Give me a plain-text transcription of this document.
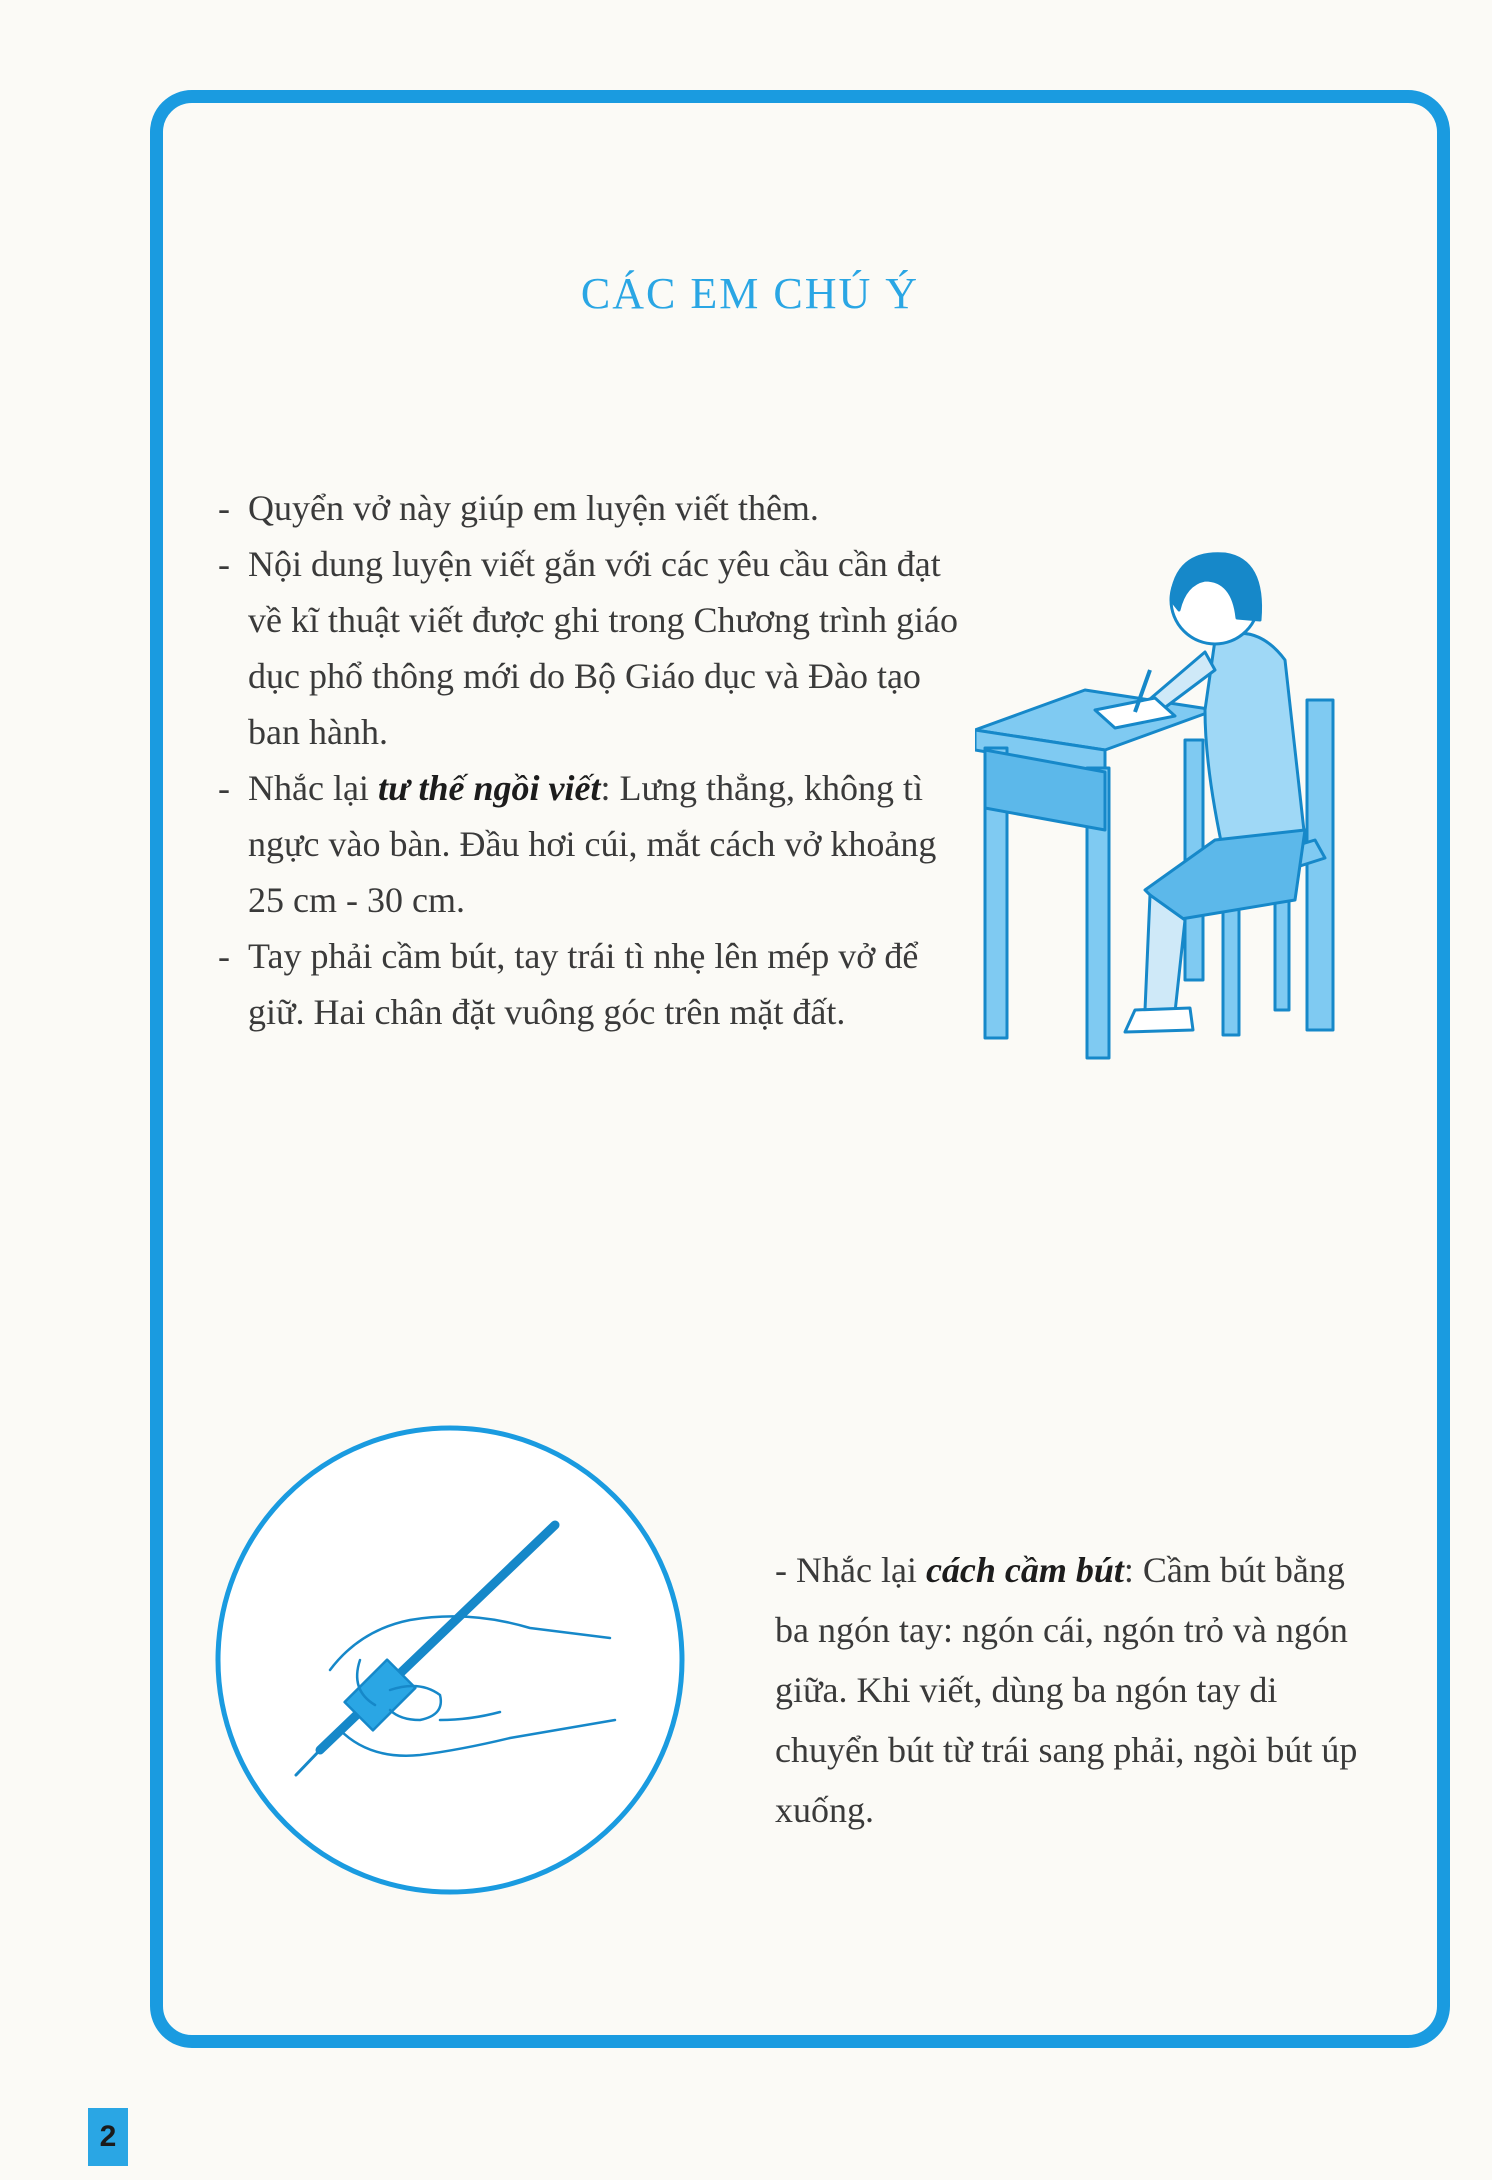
CÁC EM CHÚ Ý
- Quyển vở này giúp em luyện viết thêm.
- Nội dung luyện viết gắn với các yêu cầu cần đạt về kĩ thuật viết được ghi trong Chương trình giáo dục phổ thông mới do Bộ Giáo dục và Đào tạo ban hành.
- Nhắc lại tư thế ngồi viết: Lưng thẳng, không tì ngực vào bàn. Đầu hơi cúi, mắt cách vở khoảng 25 cm - 30 cm.
- Tay phải cầm bút, tay trái tì nhẹ lên mép vở để giữ. Hai chân đặt vuông góc trên mặt đất.
- Nhắc lại cách cầm bút: Cầm bút bằng ba ngón tay: ngón cái, ngón trỏ và ngón giữa. Khi viết, dùng ba ngón tay di chuyển bút từ trái sang phải, ngòi bút úp xuống.
2
